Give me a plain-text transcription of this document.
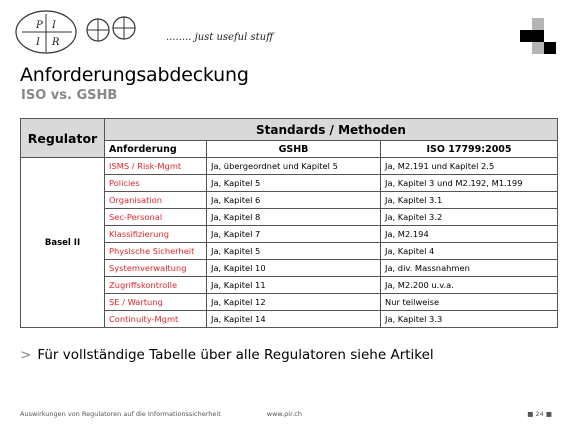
P I
I R	........ just useful stuff
Anforderungsabdeckung
ISO vs. GSHB
Regulator	Standards / Methoden		
	Anforderung	GSHB	ISO 17799:2005
Basel II	ISMS / Risk-Mgmt	Ja, übergeordnet und Kapitel 5	Ja, M2.191 und Kapitel 2.5
	Policies	Ja, Kapitel 5	Ja, Kapitel 3 und M2.192, M1.199
	Organisation	Ja, Kapitel 6	Ja, Kapitel 3.1
	Sec-Personal	Ja, Kapitel 8	Ja, Kapitel 3.2
	Klassifizierung	Ja, Kapitel 7	Ja, M2.194
	Physische Sicherheit	Ja, Kapitel 5	Ja, Kapitel 4
	Systemverwaltung	Ja, Kapitel 10	Ja, div. Massnahmen
	Zugriffskontrolle	Ja, Kapitel 11	Ja, M2.200 u.v.a.
	SE / Wartung	Ja, Kapitel 12	Nur teilweise
	Continuity-Mgmt	Ja, Kapitel 14	Ja, Kapitel 3.3
> Für vollständige Tabelle über alle Regulatoren siehe Artikel
Auswirkungen von Regulatoren auf die Informationssicherheit	www.pir.ch	■ 24 ■
